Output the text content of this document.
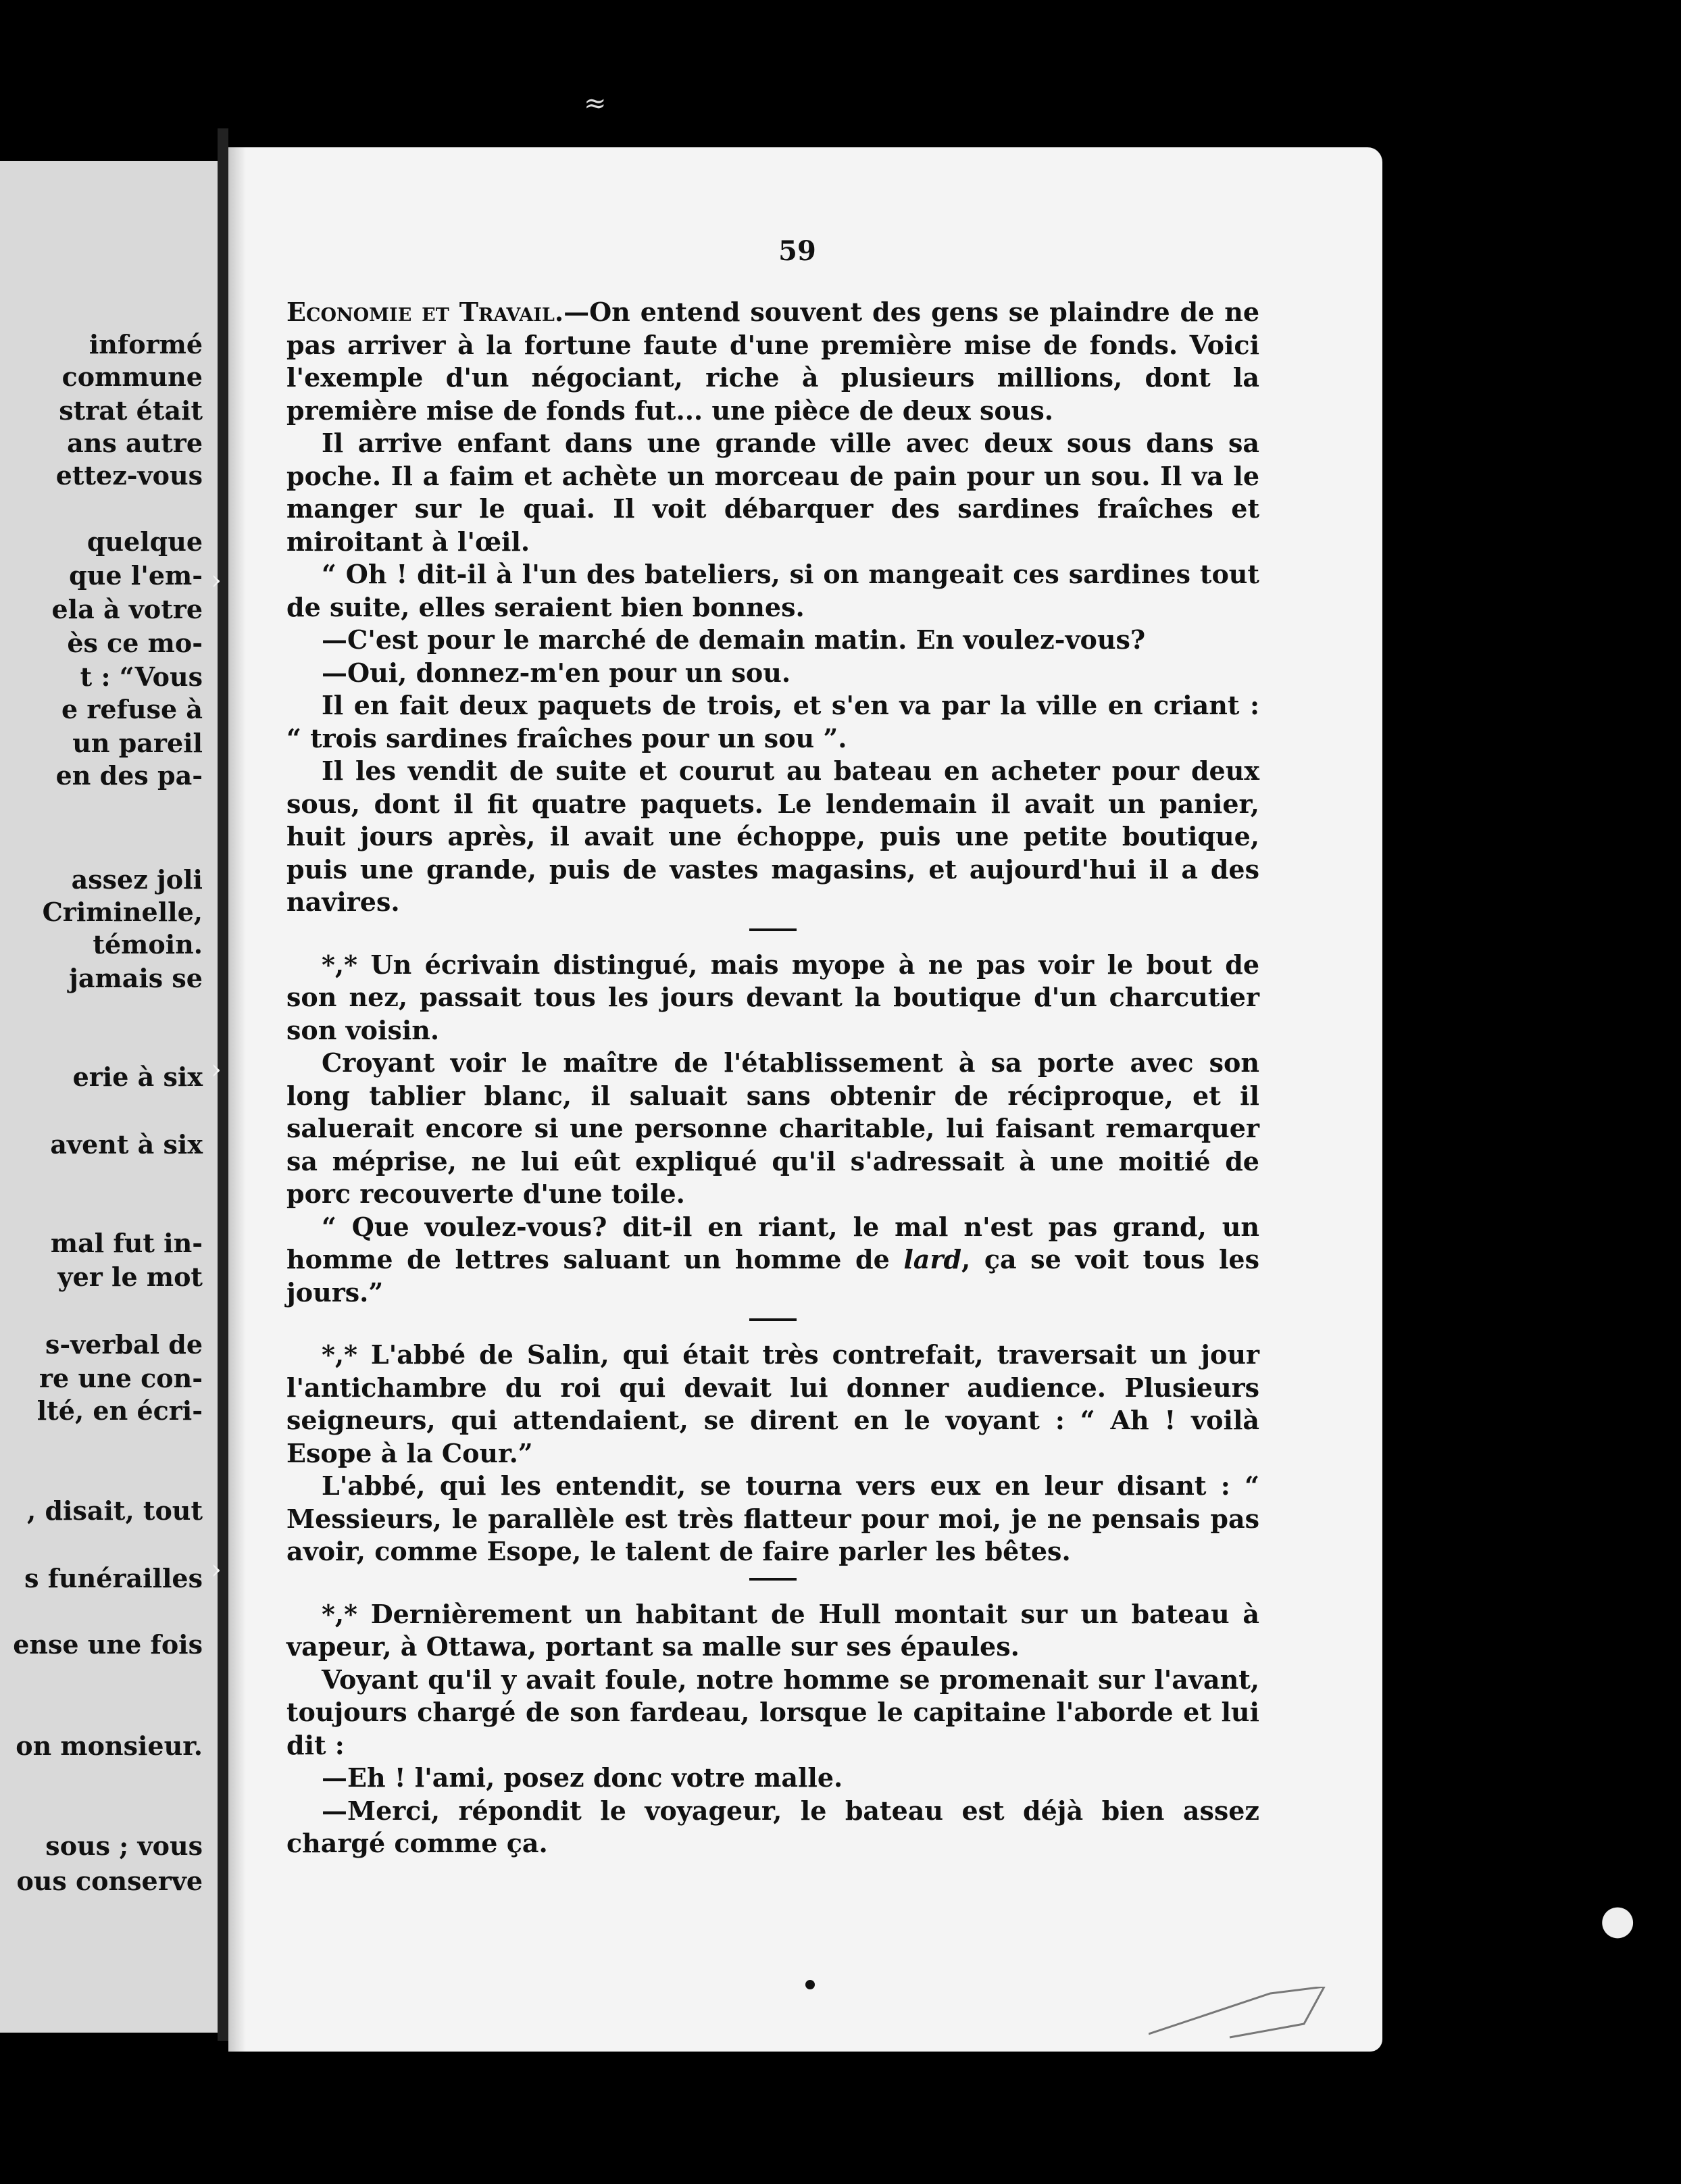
≈
informé
commune
strat était
ans autre
ettez-vous
quelque
que l'em-
ela à votre
ès ce mo-
t : “Vous
e refuse à
un pareil
en des pa-
assez joli
Criminelle,
témoin.
jamais se
erie à six
avent à six
mal fut in-
yer le mot
s-verbal de
re une con-
lté, en écri-
, disait, tout
s funérailles
ense une fois
on monsieur.
sous ; vous
ous conserve
›
›
›
59

Economie et Travail.—On entend souvent des gens se plaindre de ne pas arriver à la fortune faute d'une première mise de fonds. Voici l'exemple d'un négociant, riche à plusieurs millions, dont la première mise de fonds fut... une pièce de deux sous.

Il arrive enfant dans une grande ville avec deux sous dans sa poche. Il a faim et achète un morceau de pain pour un sou. Il va le manger sur le quai. Il voit débarquer des sardines fraîches et miroitant à l'œil.

“ Oh ! dit-il à l'un des bateliers, si on mangeait ces sardines tout de suite, elles seraient bien bonnes.

—C'est pour le marché de demain matin. En voulez-vous?

—Oui, donnez-m'en pour un sou.

Il en fait deux paquets de trois, et s'en va par la ville en criant : “ trois sardines fraîches pour un sou ”.

Il les vendit de suite et courut au bateau en acheter pour deux sous, dont il fit quatre paquets. Le lendemain il avait un panier, huit jours après, il avait une échoppe, puis une petite boutique, puis une grande, puis de vastes magasins, et aujourd'hui il a des navires.

*,* Un écrivain distingué, mais myope à ne pas voir le bout de son nez, passait tous les jours devant la boutique d'un charcutier son voisin.

Croyant voir le maître de l'établissement à sa porte avec son long tablier blanc, il saluait sans obtenir de réciproque, et il saluerait encore si une personne charitable, lui faisant remarquer sa méprise, ne lui eût expliqué qu'il s'adressait à une moitié de porc recouverte d'une toile.

“ Que voulez-vous? dit-il en riant, le mal n'est pas grand, un homme de lettres saluant un homme de lard, ça se voit tous les jours.”

*,* L'abbé de Salin, qui était très contrefait, traversait un jour l'antichambre du roi qui devait lui donner audience. Plusieurs seigneurs, qui attendaient, se dirent en le voyant : “ Ah ! voilà Esope à la Cour.”

L'abbé, qui les entendit, se tourna vers eux en leur disant : “ Messieurs, le parallèle est très flatteur pour moi, je ne pensais pas avoir, comme Esope, le talent de faire parler les bêtes.

*,* Dernièrement un habitant de Hull montait sur un bateau à vapeur, à Ottawa, portant sa malle sur ses épaules.

Voyant qu'il y avait foule, notre homme se promenait sur l'avant, toujours chargé de son fardeau, lorsque le capitaine l'aborde et lui dit :

—Eh ! l'ami, posez donc votre malle.

—Merci, répondit le voyageur, le bateau est déjà bien assez chargé comme ça.

●
